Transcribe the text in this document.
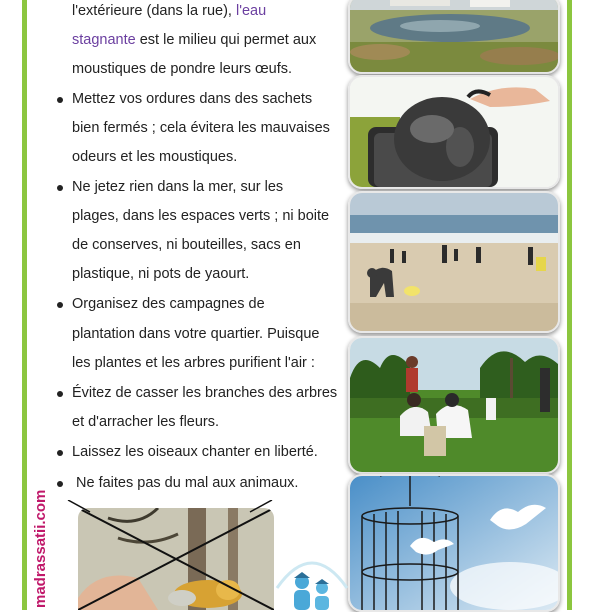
madrassatii.com
l'extérieure (dans la rue), l'eau
stagnante est le milieu qui permet aux
moustiques de pondre leurs œufs.
Mettez vos ordures dans des sachets
bien fermés ; cela évitera les mauvaises
odeurs et les moustiques.
Ne jetez rien dans la mer, sur les
plages, dans les espaces verts ; ni boite
de conserves, ni bouteilles, sacs en
plastique, ni pots de yaourt.
Organisez des campagnes de
plantation dans votre quartier. Puisque
les plantes et les arbres purifient l'air :
Évitez de casser les branches des arbres
et d'arracher les fleurs.
Laissez les oiseaux chanter en liberté.
Ne faites pas du mal aux animaux.
